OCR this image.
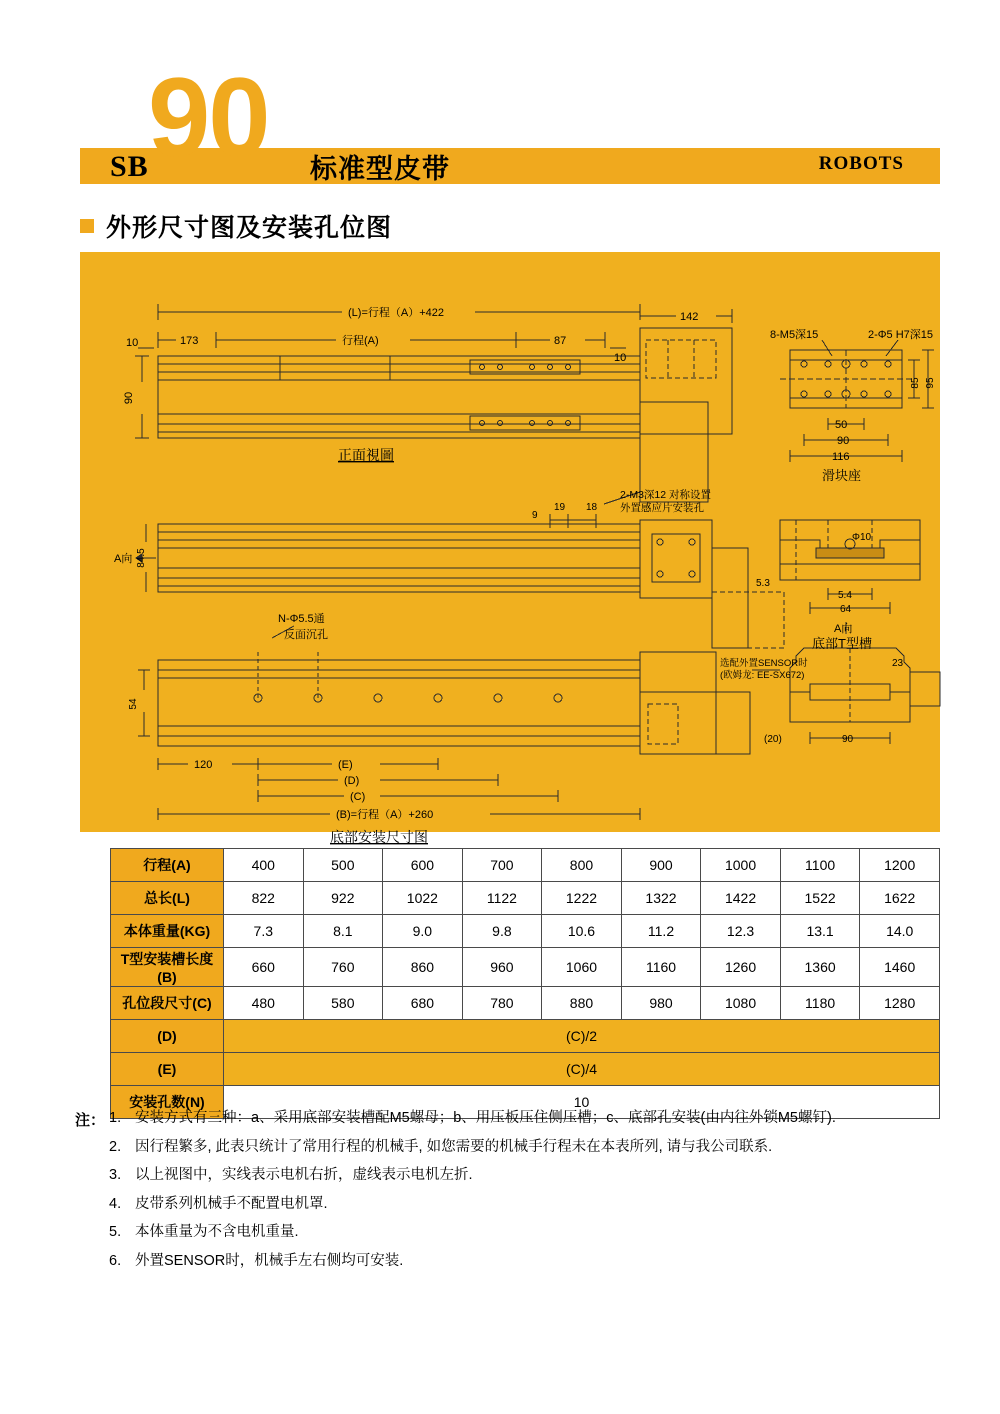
SB 90 标准型皮带	ROBOTS
外形尺寸图及安装孔位图
(L)=行程（A）+422
行程(A)
173	87
10
10
90
142
正面視圖
8-M5深15	2-Φ5 H7深15
85 95
50
90
116
滑块座
2-M3深12 对称设置
外置感应片安装孔
19 18
9
A向 84.5
5.3
5.4
64
Φ10
A向
底部T型槽
N-Φ5.5通
反面沉孔
54
120	(E)
(D)
(C)
(B)=行程（A）+260
底部安装尺寸图
选配外置SENSOR时
(欧姆龙: EE-SX672)
23
(20)	90
行程(A)	400	500	600	700	800	900	1000	1100	1200
总长(L)	822	922	1022	1122	1222	1322	1422	1522	1622
本体重量(KG)	7.3	8.1	9.0	9.8	10.6	11.2	12.3	13.1	14.0
T型安装槽长度(B)	660	760	860	960	1060	1160	1260	1360	1460
孔位段尺寸(C)	480	580	680	780	880	980	1080	1180	1280
(D)	(C)/2								
(E)	(C)/4								
安装孔数(N)	10								
注： 1. 安装方式有三种：a、采用底部安装槽配M5螺母；b、用压板压住侧压槽；c、底部孔安装(由内往外锁M5螺钉).
2. 因行程繁多, 此表只统计了常用行程的机械手, 如您需要的机械手行程未在本表所列, 请与我公司联系.
3. 以上视图中，实线表示电机右折，虚线表示电机左折.
4. 皮带系列机械手不配置电机罩.
5. 本体重量为不含电机重量.
6. 外置SENSOR时，机械手左右侧均可安装.
